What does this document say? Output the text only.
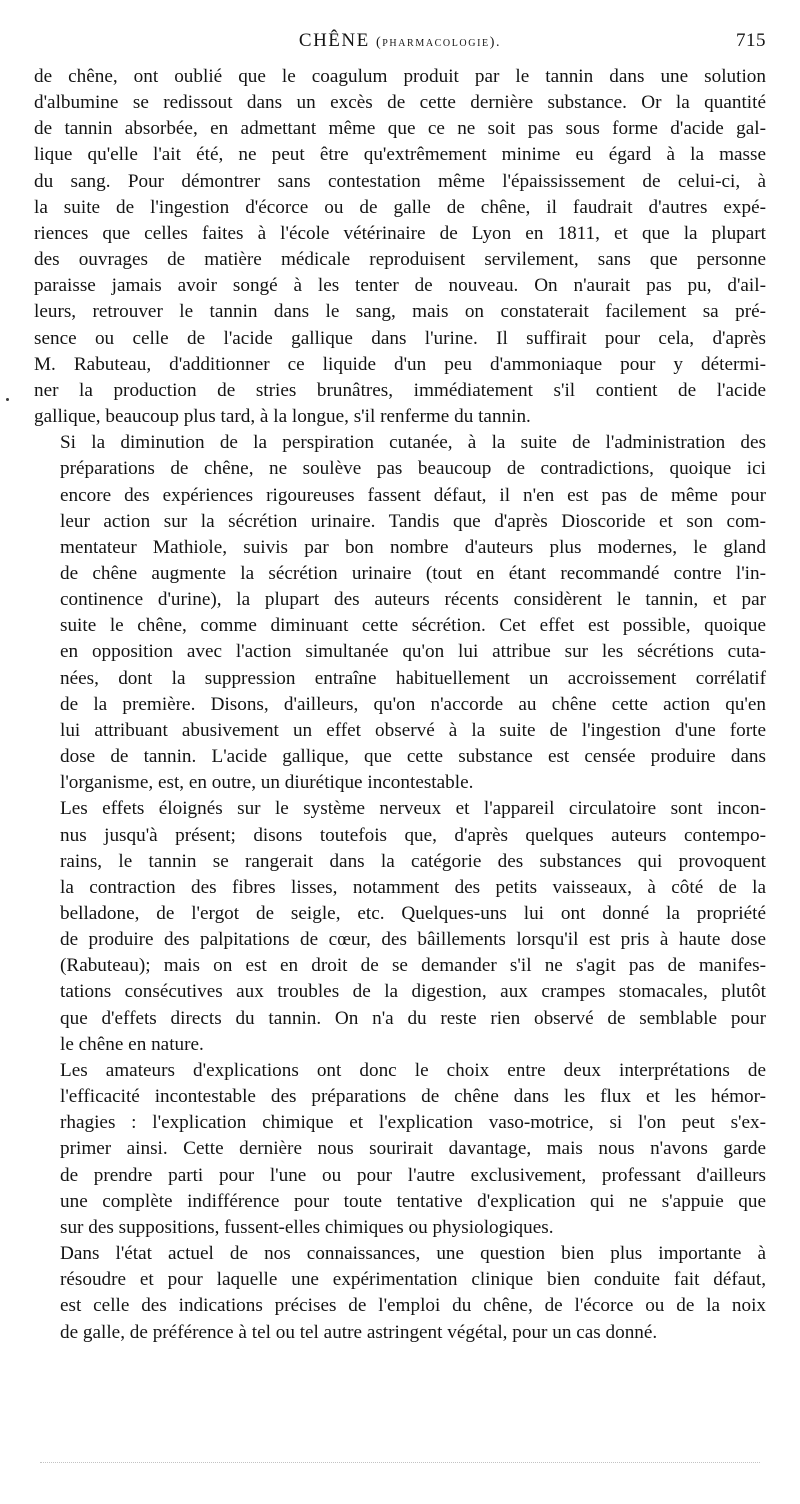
CHÊNE (pharmacologie).	715

de chêne, ont oublié que le coagulum produit par le tannin dans une solution
d'albumine se redissout dans un excès de cette dernière substance. Or la quantité
de tannin absorbée, en admettant même que ce ne soit pas sous forme d'acide gal-
lique qu'elle l'ait été, ne peut être qu'extrêmement minime eu égard à la masse
du sang. Pour démontrer sans contestation même l'épaississement de celui-ci, à
la suite de l'ingestion d'écorce ou de galle de chêne, il faudrait d'autres expé-
riences que celles faites à l'école vétérinaire de Lyon en 1811, et que la plupart
des ouvrages de matière médicale reproduisent servilement, sans que personne
paraisse jamais avoir songé à les tenter de nouveau. On n'aurait pas pu, d'ail-
leurs, retrouver le tannin dans le sang, mais on constaterait facilement sa pré-
sence ou celle de l'acide gallique dans l'urine. Il suffirait pour cela, d'après
M. Rabuteau, d'additionner ce liquide d'un peu d'ammoniaque pour y détermi-
ner la production de stries brunâtres, immédiatement s'il contient de l'acide
gallique, beaucoup plus tard, à la longue, s'il renferme du tannin.

Si la diminution de la perspiration cutanée, à la suite de l'administration des
préparations de chêne, ne soulève pas beaucoup de contradictions, quoique ici
encore des expériences rigoureuses fassent défaut, il n'en est pas de même pour
leur action sur la sécrétion urinaire. Tandis que d'après Dioscoride et son com-
mentateur Mathiole, suivis par bon nombre d'auteurs plus modernes, le gland
de chêne augmente la sécrétion urinaire (tout en étant recommandé contre l'in-
continence d'urine), la plupart des auteurs récents considèrent le tannin, et par
suite le chêne, comme diminuant cette sécrétion. Cet effet est possible, quoique
en opposition avec l'action simultanée qu'on lui attribue sur les sécrétions cuta-
nées, dont la suppression entraîne habituellement un accroissement corrélatif
de la première. Disons, d'ailleurs, qu'on n'accorde au chêne cette action qu'en
lui attribuant abusivement un effet observé à la suite de l'ingestion d'une forte
dose de tannin. L'acide gallique, que cette substance est censée produire dans
l'organisme, est, en outre, un diurétique incontestable.

Les effets éloignés sur le système nerveux et l'appareil circulatoire sont incon-
nus jusqu'à présent; disons toutefois que, d'après quelques auteurs contempo-
rains, le tannin se rangerait dans la catégorie des substances qui provoquent
la contraction des fibres lisses, notamment des petits vaisseaux, à côté de la
belladone, de l'ergot de seigle, etc. Quelques-uns lui ont donné la propriété
de produire des palpitations de cœur, des bâillements lorsqu'il est pris à haute dose
(Rabuteau); mais on est en droit de se demander s'il ne s'agit pas de manifes-
tations consécutives aux troubles de la digestion, aux crampes stomacales, plutôt
que d'effets directs du tannin. On n'a du reste rien observé de semblable pour
le chêne en nature.

Les amateurs d'explications ont donc le choix entre deux interprétations de
l'efficacité incontestable des préparations de chêne dans les flux et les hémor-
rhagies : l'explication chimique et l'explication vaso-motrice, si l'on peut s'ex-
primer ainsi. Cette dernière nous sourirait davantage, mais nous n'avons garde
de prendre parti pour l'une ou pour l'autre exclusivement, professant d'ailleurs
une complète indifférence pour toute tentative d'explication qui ne s'appuie que
sur des suppositions, fussent-elles chimiques ou physiologiques.

Dans l'état actuel de nos connaissances, une question bien plus importante à
résoudre et pour laquelle une expérimentation clinique bien conduite fait défaut,
est celle des indications précises de l'emploi du chêne, de l'écorce ou de la noix
de galle, de préférence à tel ou tel autre astringent végétal, pour un cas donné.
